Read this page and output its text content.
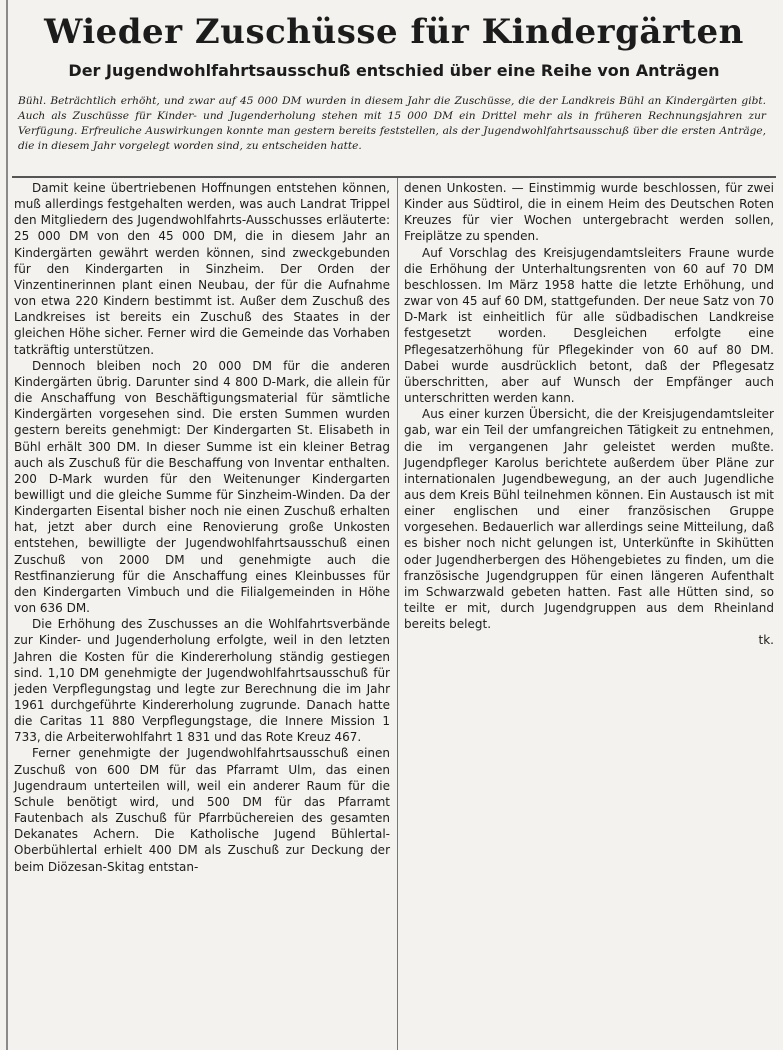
Wieder Zuschüsse für Kindergärten
Der Jugendwohlfahrtsausschuß entschied über eine Reihe von Anträgen
Bühl. Beträchtlich erhöht, und zwar auf 45 000 DM wurden in diesem Jahr die Zuschüsse, die der Landkreis Bühl an Kindergärten gibt. Auch als Zuschüsse für Kinder- und Jugenderholung stehen mit 15 000 DM ein Drittel mehr als in früheren Rechnungsjahren zur Verfügung. Erfreuliche Auswirkungen konnte man gestern bereits feststellen, als der Jugendwohlfahrtsausschuß über die ersten Anträge, die in diesem Jahr vorgelegt worden sind, zu entscheiden hatte.

Damit keine übertriebenen Hoffnungen entstehen können, muß allerdings festgehalten werden, was auch Landrat Trippel den Mitgliedern des Jugendwohlfahrts-Ausschusses erläuterte: 25 000 DM von den 45 000 DM, die in diesem Jahr an Kindergärten gewährt werden können, sind zweckgebunden für den Kindergarten in Sinzheim. Der Orden der Vinzentinerinnen plant einen Neubau, der für die Aufnahme von etwa 220 Kindern bestimmt ist. Außer dem Zuschuß des Landkreises ist bereits ein Zuschuß des Staates in der gleichen Höhe sicher. Ferner wird die Gemeinde das Vorhaben tatkräftig unterstützen.

Dennoch bleiben noch 20 000 DM für die anderen Kindergärten übrig. Darunter sind 4 800 D-Mark, die allein für die Anschaffung von Beschäftigungsmaterial für sämtliche Kindergärten vorgesehen sind. Die ersten Summen wurden gestern bereits genehmigt: Der Kindergarten St. Elisabeth in Bühl erhält 300 DM. In dieser Summe ist ein kleiner Betrag auch als Zuschuß für die Beschaffung von Inventar enthalten. 200 D-Mark wurden für den Weitenunger Kindergarten bewilligt und die gleiche Summe für Sinzheim-Winden. Da der Kindergarten Eisental bisher noch nie einen Zuschuß erhalten hat, jetzt aber durch eine Renovierung große Unkosten entstehen, bewilligte der Jugendwohlfahrtsausschuß einen Zuschuß von 2000 DM und genehmigte auch die Restfinanzierung für die Anschaffung eines Kleinbusses für den Kindergarten Vimbuch und die Filialgemeinden in Höhe von 636 DM.

Die Erhöhung des Zuschusses an die Wohlfahrtsverbände zur Kinder- und Jugenderholung erfolgte, weil in den letzten Jahren die Kosten für die Kindererholung ständig gestiegen sind. 1,10 DM genehmigte der Jugendwohlfahrtsausschuß für jeden Verpflegungstag und legte zur Berechnung die im Jahr 1961 durchgeführte Kindererholung zugrunde. Danach hatte die Caritas 11 880 Verpflegungstage, die Innere Mission 1 733, die Arbeiterwohlfahrt 1 831 und das Rote Kreuz 467.

Ferner genehmigte der Jugendwohlfahrtsausschuß einen Zuschuß von 600 DM für das Pfarramt Ulm, das einen Jugendraum unterteilen will, weil ein anderer Raum für die Schule benötigt wird, und 500 DM für das Pfarramt Fautenbach als Zuschuß für Pfarrbüchereien des gesamten Dekanates Achern. Die Katholische Jugend Bühlertal-Oberbühlertal erhielt 400 DM als Zuschuß zur Deckung der beim Diözesan-Skitag entstan-

denen Unkosten. — Einstimmig wurde beschlossen, für zwei Kinder aus Südtirol, die in einem Heim des Deutschen Roten Kreuzes für vier Wochen untergebracht werden sollen, Freiplätze zu spenden.

Auf Vorschlag des Kreisjugendamtsleiters Fraune wurde die Erhöhung der Unterhaltungsrenten von 60 auf 70 DM beschlossen. Im März 1958 hatte die letzte Erhöhung, und zwar von 45 auf 60 DM, stattgefunden. Der neue Satz von 70 D-Mark ist einheitlich für alle südbadischen Landkreise festgesetzt worden. Desgleichen erfolgte eine Pflegesatzerhöhung für Pflegekinder von 60 auf 80 DM. Dabei wurde ausdrücklich betont, daß der Pflegesatz überschritten, aber auf Wunsch der Empfänger auch unterschritten werden kann.

Aus einer kurzen Übersicht, die der Kreisjugendamtsleiter gab, war ein Teil der umfangreichen Tätigkeit zu entnehmen, die im vergangenen Jahr geleistet werden mußte. Jugendpfleger Karolus berichtete außerdem über Pläne zur internationalen Jugendbewegung, an der auch Jugendliche aus dem Kreis Bühl teilnehmen können. Ein Austausch ist mit einer englischen und einer französischen Gruppe vorgesehen. Bedauerlich war allerdings seine Mitteilung, daß es bisher noch nicht gelungen ist, Unterkünfte in Skihütten oder Jugendherbergen des Höhengebietes zu finden, um die französische Jugendgruppen für einen längeren Aufenthalt im Schwarzwald gebeten hatten. Fast alle Hütten sind, so teilte er mit, durch Jugendgruppen aus dem Rheinland bereits belegt.

tk.
